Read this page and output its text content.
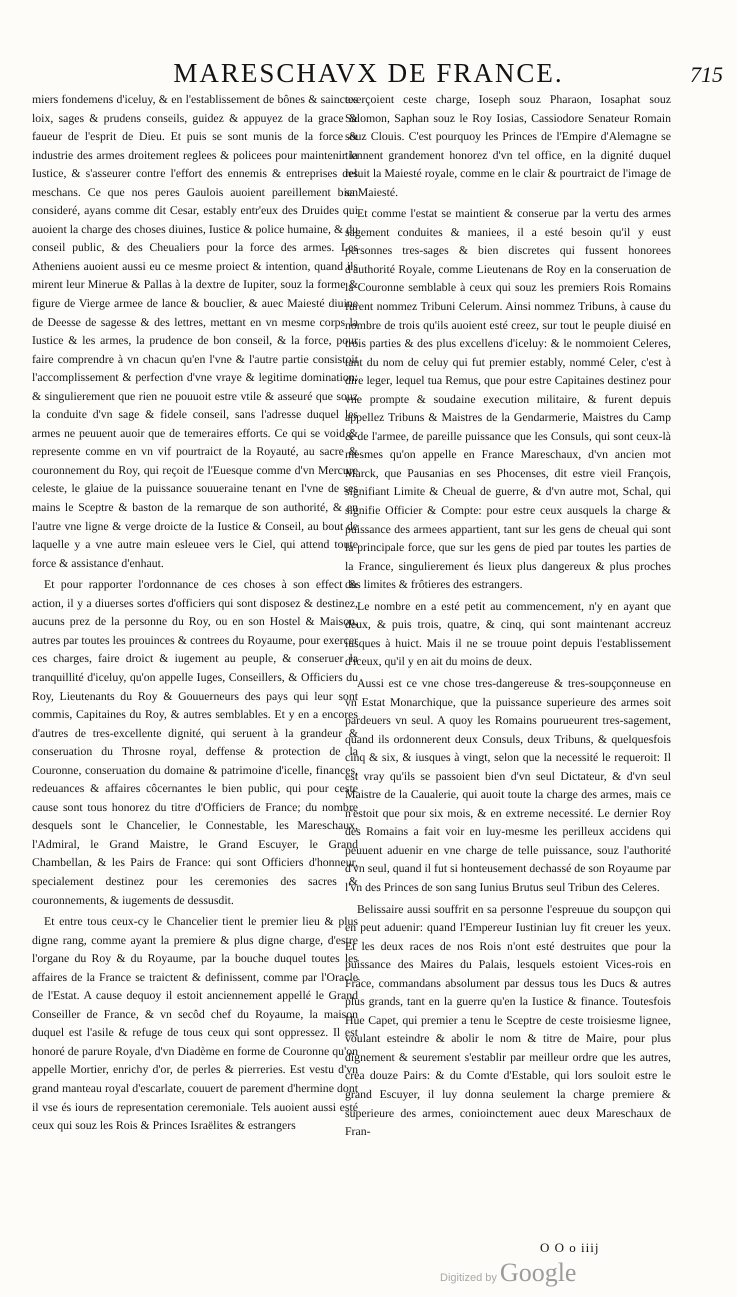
MARESCHAVX DE FRANCE.	715

miers fondemens d'iceluy, & en l'establissement de bônes & sainctes loix, sages & prudens conseils, guidez & appuyez de la grace & faueur de l'esprit de Dieu. Et puis se sont munis de la force & industrie des armes droitement reglees & policees pour maintenir la Iustice, & s'asseurer contre l'effort des ennemis & entreprises des meschans. Ce que nos peres Gaulois auoient pareillement bien consideré, ayans comme dit Cesar, estably entr'eux des Druides qui auoient la charge des choses diuines, Iustice & police humaine, & du conseil public, & des Cheualiers pour la force des armes. Les Atheniens auoient aussi eu ce mesme proiect & intention, quand ils mirent leur Minerue & Pallas à la dextre de Iupiter, souz la forme & figure de Vierge armee de lance & bouclier, & auec Maiesté diuine de Deesse de sagesse & des lettres, mettant en vn mesme corps la Iustice & les armes, la prudence de bon conseil, & la force, pour faire comprendre à vn chacun qu'en l'vne & l'autre partie consistoit l'accomplissement & perfection d'vne vraye & legitime domination: & singulierement que rien ne pouuoit estre vtile & asseuré que souz la conduite d'vn sage & fidele conseil, sans l'adresse duquel les armes ne peuuent auoir que de temeraires efforts. Ce qui se void & represente comme en vn vif pourtraict de la Royauté, au sacre & couronnement du Roy, qui reçoit de l'Euesque comme d'vn Mercure celeste, le glaiue de la puissance souueraine tenant en l'vne de ses mains le Sceptre & baston de la remarque de son authorité, & en l'autre vne ligne & verge droicte de la Iustice & Conseil, au bout de laquelle y a vne autre main esleuee vers le Ciel, qui attend toute force & assistance d'enhaut.

Et pour rapporter l'ordonnance de ces choses à son effect & action, il y a diuerses sortes d'officiers qui sont disposez & destinez, aucuns prez de la personne du Roy, ou en son Hostel & Maison, autres par toutes les prouinces & contrees du Royaume, pour exercer ces charges, faire droict & iugement au peuple, & conseruer la tranquillité d'iceluy, qu'on appelle Iuges, Conseillers, & Officiers du Roy, Lieutenants du Roy & Gouuerneurs des pays qui leur sont commis, Capitaines du Roy, & autres semblables. Et y en a encores d'autres de tres-excellente dignité, qui seruent à la grandeur & conseruation du Throsne royal, deffense & protection de la Couronne, conseruation du domaine & patrimoine d'icelle, finances, redeuances & affaires côcernantes le bien public, qui pour ceste cause sont tous honorez du titre d'Officiers de France; du nombre desquels sont le Chancelier, le Connestable, les Mareschaux, l'Admiral, le Grand Maistre, le Grand Escuyer, le Grand Chambellan, & les Pairs de France: qui sont Officiers d'honneur, specialement destinez pour les ceremonies des sacres & couronnements, & iugements de dessusdit.

Et entre tous ceux-cy le Chancelier tient le premier lieu & plus digne rang, comme ayant la premiere & plus digne charge, d'estre l'organe du Roy & du Royaume, par la bouche duquel toutes les affaires de la France se traictent & definissent, comme par l'Oracle de l'Estat. A cause dequoy il estoit anciennement appellé le Grand Conseiller de France, & vn secôd chef du Royaume, la maison duquel est l'asile & refuge de tous ceux qui sont oppressez. Il est honoré de parure Royale, d'vn Diadème en forme de Couronne qu'on appelle Mortier, enrichy d'or, de perles & pierreries. Est vestu d'vn grand manteau royal d'escarlate, couuert de parement d'hermine dont il vse és iours de representation ceremoniale. Tels auoient aussi esté ceux qui souz les Rois & Princes Israëlites & estrangers

exerçoient ceste charge, Ioseph souz Pharaon, Iosaphat souz Salomon, Saphan souz le Roy Iosias, Cassiodore Senateur Romain souz Clouis. C'est pourquoy les Princes de l'Empire d'Alemagne se tiennent grandement honorez d'vn tel office, en la dignité duquel reluit la Maiesté royale, comme en le clair & pourtraict de l'image de sa Maiesté.

Et comme l'estat se maintient & conserue par la vertu des armes sagement conduites & maniees, il a esté besoin qu'il y eust personnes tres-sages & bien discretes qui fussent honorees d'authorité Royale, comme Lieutenans de Roy en la conseruation de la Couronne semblable à ceux qui souz les premiers Rois Romains furent nommez Tribuni Celerum. Ainsi nommez Tribuns, à cause du nombre de trois qu'ils auoient esté creez, sur tout le peuple diuisé en trois parties & des plus excellens d'iceluy: & le nommoient Celeres, tant du nom de celuy qui fut premier estably, nommé Celer, c'est à dire leger, lequel tua Remus, que pour estre Capitaines destinez pour vne prompte & soudaine execution militaire, & furent depuis appellez Tribuns & Maistres de la Gendarmerie, Maistres du Camp & de l'armee, de pareille puissance que les Consuls, qui sont ceux-là mesmes qu'on appelle en France Mareschaux, d'vn ancien mot Marck, que Pausanias en ses Phocenses, dit estre vieil François, signifiant Limite & Cheual de guerre, & d'vn autre mot, Schal, qui signifie Officier & Compte: pour estre ceux ausquels la charge & puissance des armees appartient, tant sur les gens de cheual qui sont la principale force, que sur les gens de pied par toutes les parties de la France, singulierement és lieux plus dangereux & plus proches des limites & frôtieres des estrangers.

Le nombre en a esté petit au commencement, n'y en ayant que deux, & puis trois, quatre, & cinq, qui sont maintenant accreuz iusques à huict. Mais il ne se trouue point depuis l'establissement d'iceux, qu'il y en ait du moins de deux.

Aussi est ce vne chose tres-dangereuse & tres-soupçonneuse en vn Estat Monarchique, que la puissance superieure des armes soit pardeuers vn seul. A quoy les Romains pourueurent tres-sagement, quand ils ordonnerent deux Consuls, deux Tribuns, & quelquesfois cinq & six, & iusques à vingt, selon que la necessité le requeroit: Il est vray qu'ils se passoient bien d'vn seul Dictateur, & d'vn seul Maistre de la Caualerie, qui auoit toute la charge des armes, mais ce n'estoit que pour six mois, & en extreme necessité. Le dernier Roy des Romains a fait voir en luy-mesme les perilleux accidens qui peuuent aduenir en vne charge de telle puissance, souz l'authorité d'vn seul, quand il fut si honteusement dechassé de son Royaume par l'vn des Princes de son sang Iunius Brutus seul Tribun des Celeres.

Belissaire aussi souffrit en sa personne l'espreuue du soupçon qui en peut aduenir: quand l'Empereur Iustinian luy fit creuer les yeux. Et les deux races de nos Rois n'ont esté destruites que pour la puissance des Maires du Palais, lesquels estoient Vices-rois en Frâce, commandans absolument par dessus tous les Ducs & autres plus grands, tant en la guerre qu'en la Iustice & finance. Toutesfois Hue Capet, qui premier a tenu le Sceptre de ceste troisiesme lignee, voulant esteindre & abolir le nom & titre de Maire, pour plus dignement & seurement s'establir par meilleur ordre que les autres, crea douze Pairs: & du Comte d'Estable, qui lors souloit estre le grand Escuyer, il luy donna seulement la charge premiere & superieure des armes, conioinctement auec deux Mareschaux de Fran-

O O o iiij
Digitized by Google
